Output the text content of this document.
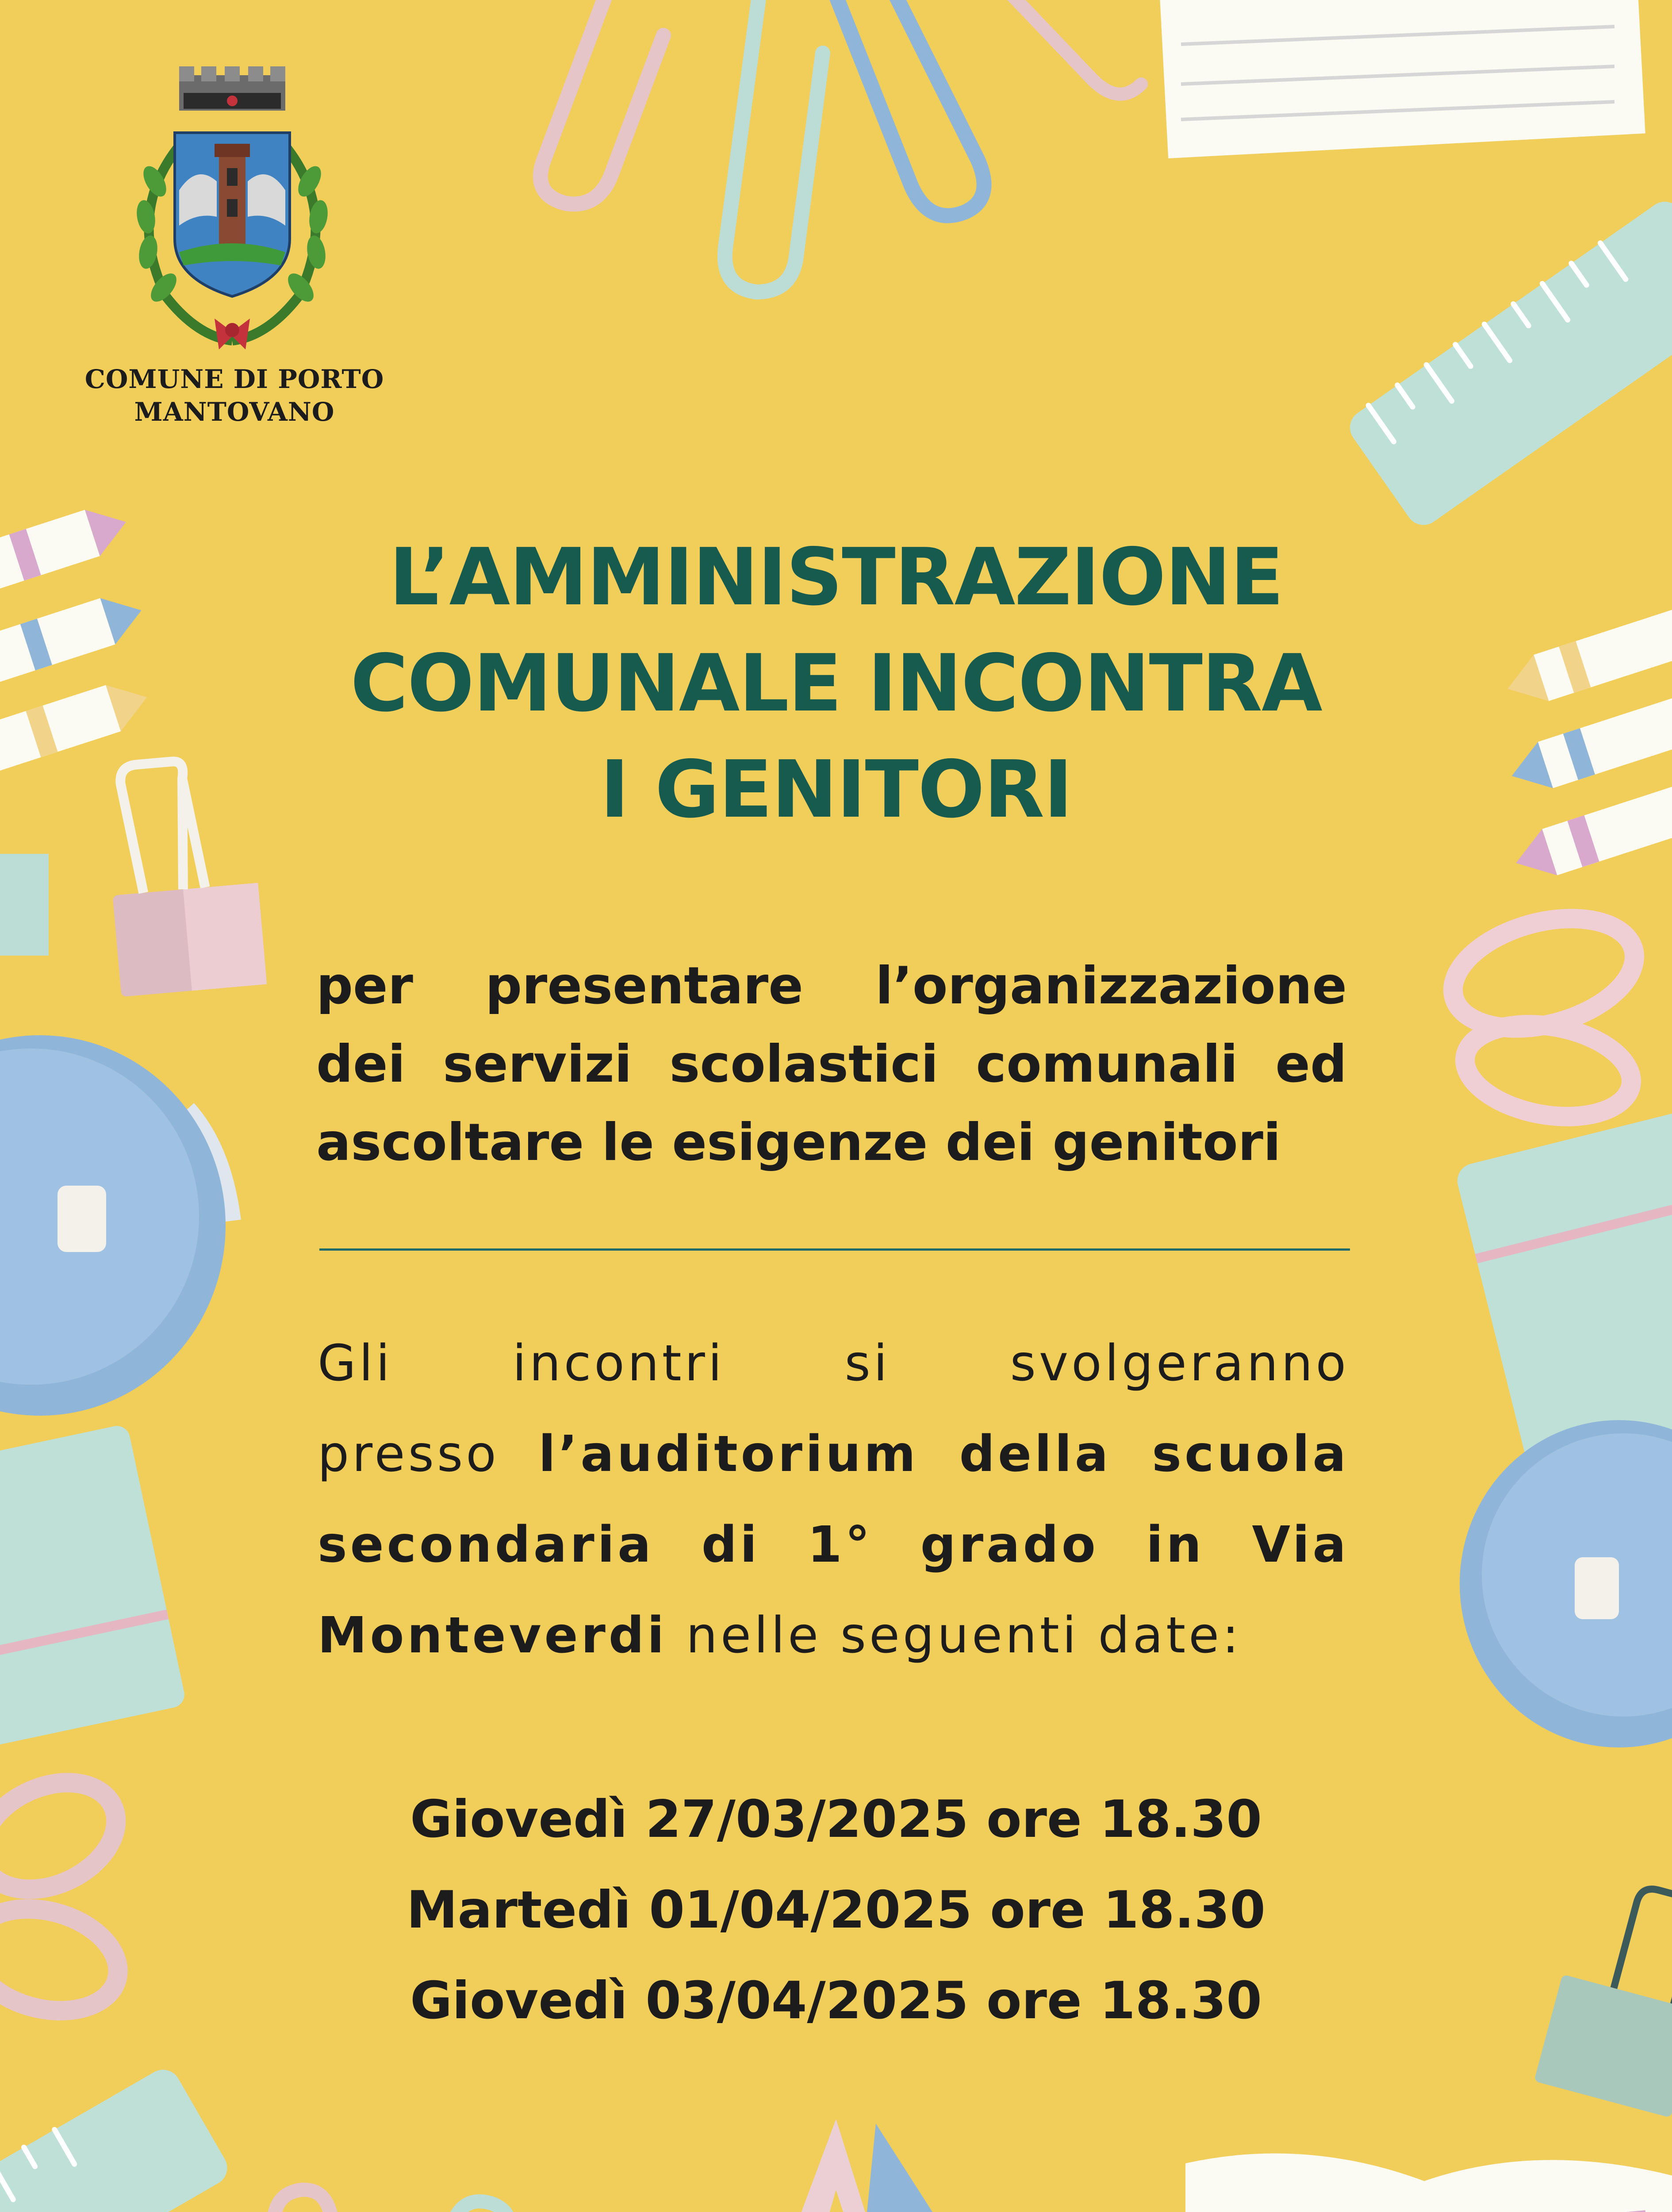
COMUNE DI PORTO
MANTOVANO
L’AMMINISTRAZIONE
COMUNALE INCONTRA
I GENITORI
per presentare l’organizzazione
dei servizi scolastici comunali ed
ascoltare le esigenze dei genitori
Gli incontri si svolgeranno
presso l’auditorium della scuola
secondaria di 1° grado in Via
Monteverdi nelle seguenti date:
Giovedì 27/03/2025 ore 18.30
Martedì 01/04/2025 ore 18.30
Giovedì 03/04/2025 ore 18.30
